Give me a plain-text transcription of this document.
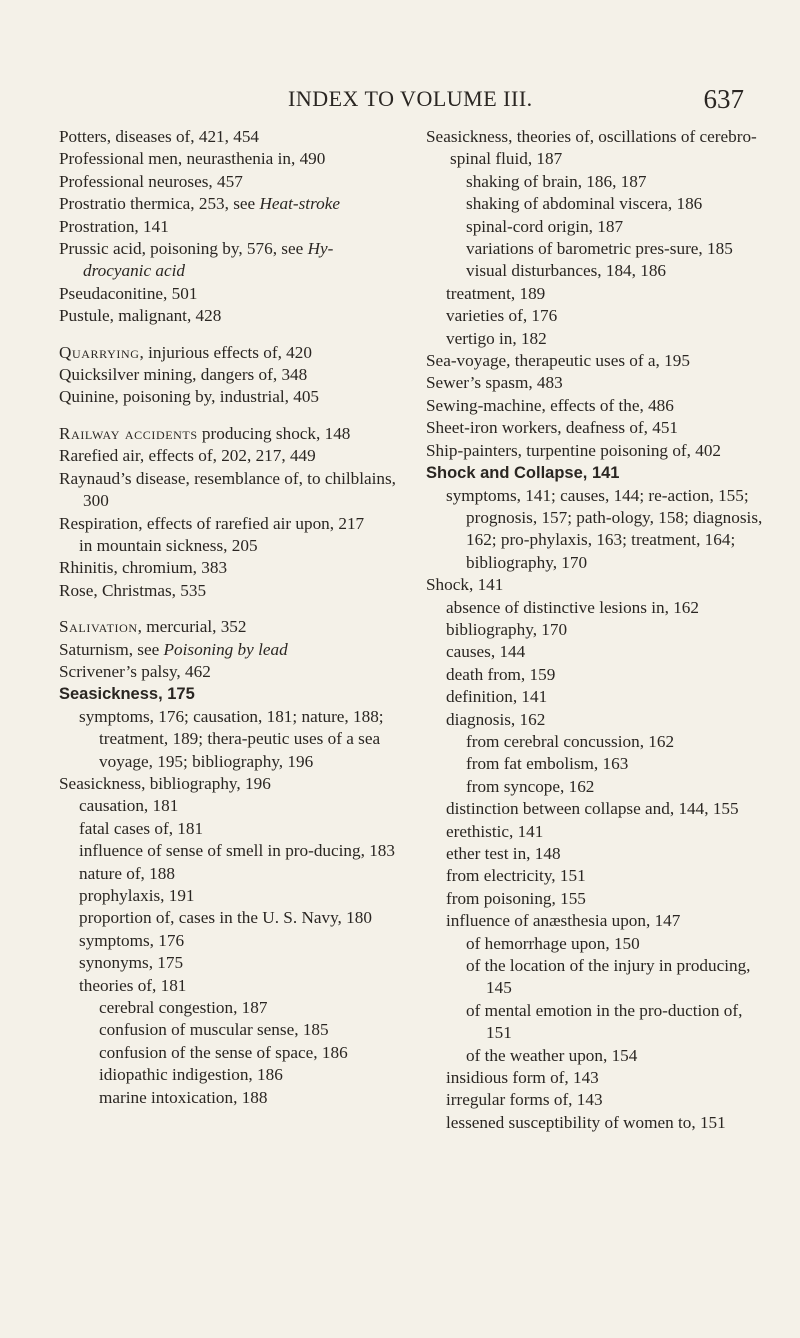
INDEX TO VOLUME III.	637
Potters, diseases of, 421, 454
Professional men, neurasthenia in, 490
Professional neuroses, 457
Prostratio thermica, 253, see Heat-stroke
Prostration, 141
Prussic acid, poisoning by, 576, see Hy-drocyanic acid
Pseudaconitine, 501
Pustule, malignant, 428
Quarrying, injurious effects of, 420
Quicksilver mining, dangers of, 348
Quinine, poisoning by, industrial, 405
Railway accidents producing shock, 148
Rarefied air, effects of, 202, 217, 449
Raynaud’s disease, resemblance of, to chilblains, 300
Respiration, effects of rarefied air upon, 217
in mountain sickness, 205
Rhinitis, chromium, 383
Rose, Christmas, 535
Salivation, mercurial, 352
Saturnism, see Poisoning by lead
Scrivener’s palsy, 462
Seasickness, 175
symptoms, 176; causation, 181; nature, 188; treatment, 189; thera-peutic uses of a sea voyage, 195; bibliography, 196
Seasickness, bibliography, 196
causation, 181
fatal cases of, 181
influence of sense of smell in pro-ducing, 183
nature of, 188
prophylaxis, 191
proportion of, cases in the U. S. Navy, 180
symptoms, 176
synonyms, 175
theories of, 181
cerebral congestion, 187
confusion of muscular sense, 185
confusion of the sense of space, 186
idiopathic indigestion, 186
marine intoxication, 188
Seasickness, theories of, oscillations of cerebro-spinal fluid, 187
shaking of brain, 186, 187
shaking of abdominal viscera, 186
spinal-cord origin, 187
variations of barometric pres-sure, 185
visual disturbances, 184, 186
treatment, 189
varieties of, 176
vertigo in, 182
Sea-voyage, therapeutic uses of a, 195
Sewer’s spasm, 483
Sewing-machine, effects of the, 486
Sheet-iron workers, deafness of, 451
Ship-painters, turpentine poisoning of, 402
Shock and Collapse, 141
symptoms, 141; causes, 144; re-action, 155; prognosis, 157; path-ology, 158; diagnosis, 162; pro-phylaxis, 163; treatment, 164; bibliography, 170
Shock, 141
absence of distinctive lesions in, 162
bibliography, 170
causes, 144
death from, 159
definition, 141
diagnosis, 162
from cerebral concussion, 162
from fat embolism, 163
from syncope, 162
distinction between collapse and, 144, 155
erethistic, 141
ether test in, 148
from electricity, 151
from poisoning, 155
influence of anæsthesia upon, 147
of hemorrhage upon, 150
of the location of the injury in producing, 145
of mental emotion in the pro-duction of, 151
of the weather upon, 154
insidious form of, 143
irregular forms of, 143
lessened susceptibility of women to, 151
